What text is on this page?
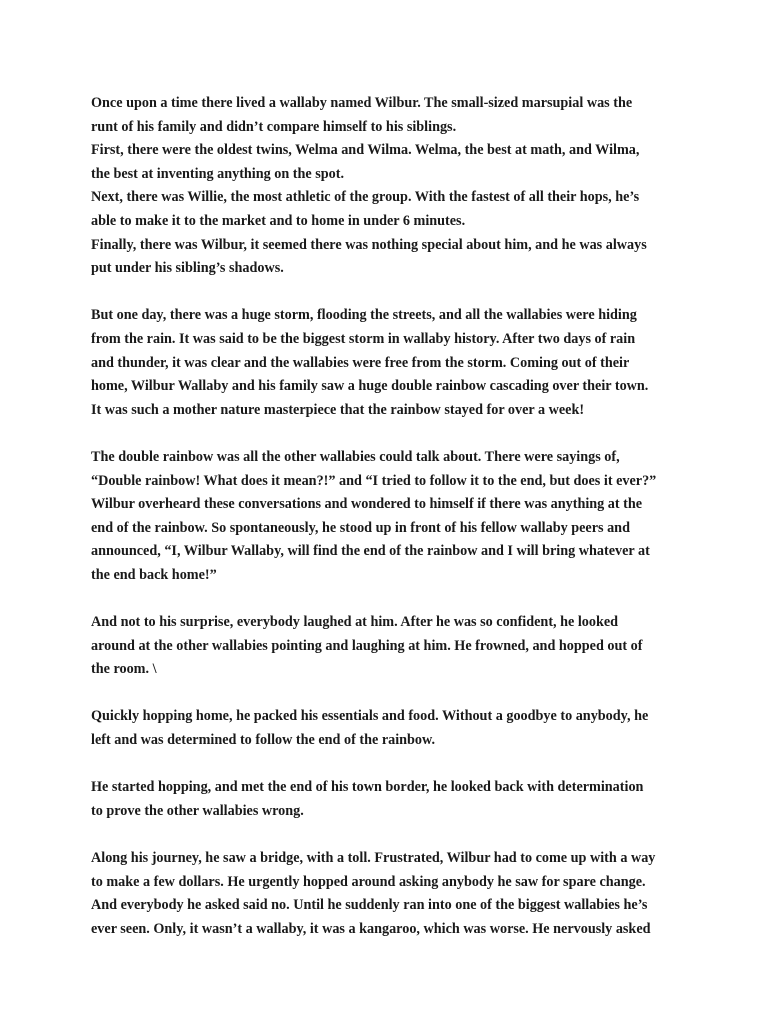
Once upon a time there lived a wallaby named Wilbur. The small-sized marsupial was the
runt of his family and didn’t compare himself to his siblings.
First, there were the oldest twins, Welma and Wilma. Welma, the best at math, and Wilma,
the best at inventing anything on the spot.
Next, there was Willie, the most athletic of the group. With the fastest of all their hops, he’s
able to make it to the market and to home in under 6 minutes.
Finally, there was Wilbur, it seemed there was nothing special about him, and he was always
put under his sibling’s shadows.
But one day, there was a huge storm, flooding the streets, and all the wallabies were hiding
from the rain. It was said to be the biggest storm in wallaby history. After two days of rain
and thunder, it was clear and the wallabies were free from the storm. Coming out of their
home, Wilbur Wallaby and his family saw a huge double rainbow cascading over their town.
It was such a mother nature masterpiece that the rainbow stayed for over a week!
The double rainbow was all the other wallabies could talk about. There were sayings of,
“Double rainbow! What does it mean?!” and “I tried to follow it to the end, but does it ever?”
Wilbur overheard these conversations and wondered to himself if there was anything at the
end of the rainbow. So spontaneously, he stood up in front of his fellow wallaby peers and
announced, “I, Wilbur Wallaby, will find the end of the rainbow and I will bring whatever at
the end back home!”
And not to his surprise, everybody laughed at him. After he was so confident, he looked
around at the other wallabies pointing and laughing at him. He frowned, and hopped out of
the room. \
Quickly hopping home, he packed his essentials and food. Without a goodbye to anybody, he
left and was determined to follow the end of the rainbow.
He started hopping, and met the end of his town border, he looked back with determination
to prove the other wallabies wrong.
Along his journey, he saw a bridge, with a toll. Frustrated, Wilbur had to come up with a way
to make a few dollars. He urgently hopped around asking anybody he saw for spare change.
And everybody he asked said no. Until he suddenly ran into one of the biggest wallabies he’s
ever seen. Only, it wasn’t a wallaby, it was a kangaroo, which was worse. He nervously asked
